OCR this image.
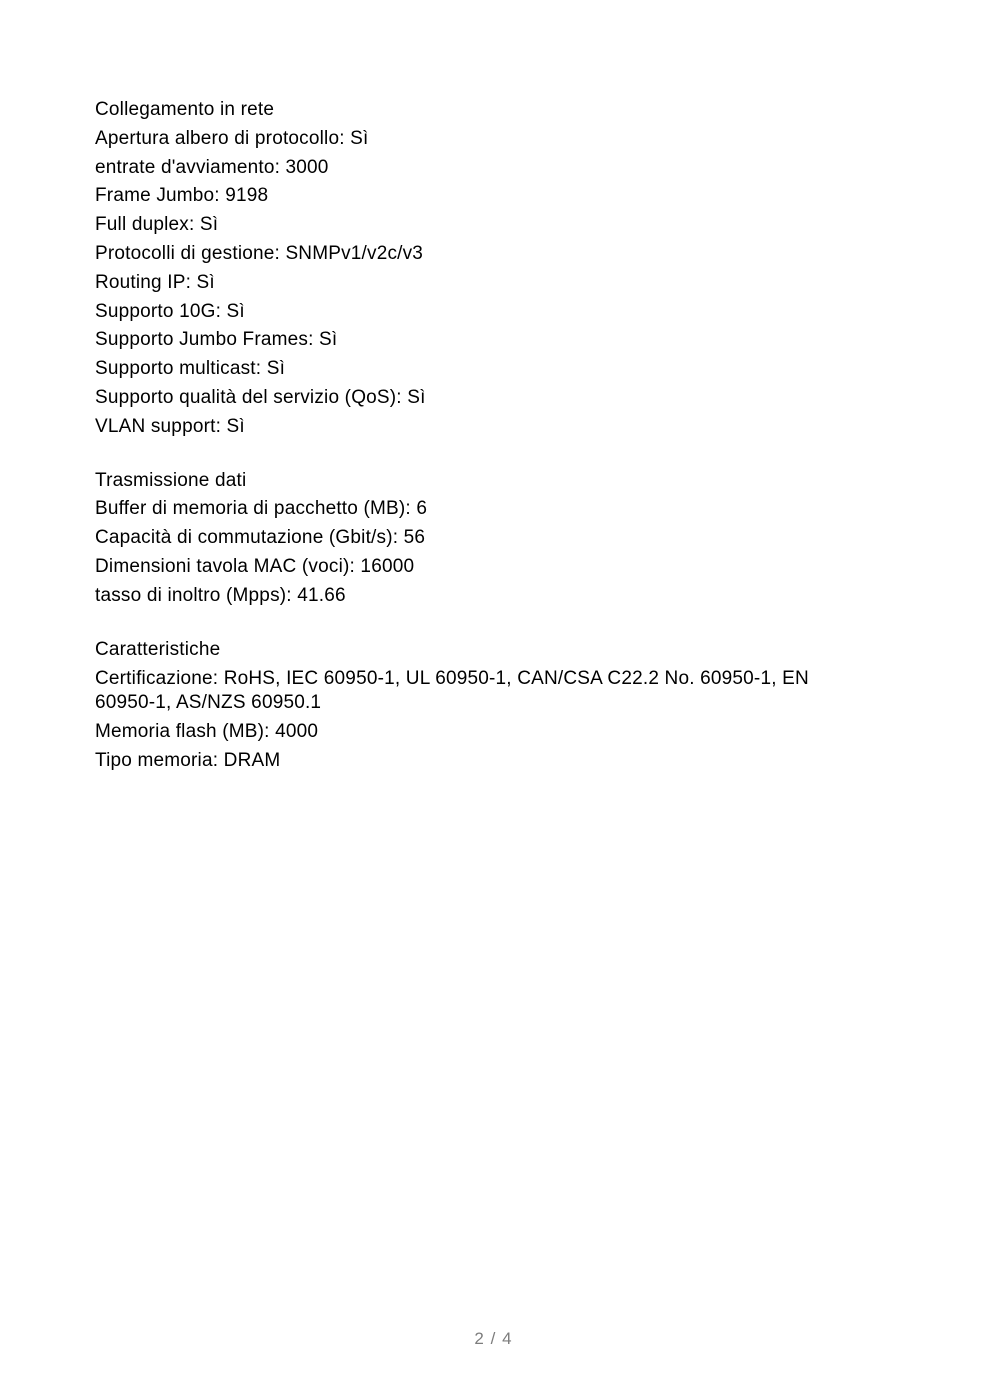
Collegamento in rete
Apertura albero di protocollo: Sì
entrate d'avviamento: 3000
Frame Jumbo: 9198
Full duplex: Sì
Protocolli di gestione: SNMPv1/v2c/v3
Routing IP: Sì
Supporto 10G: Sì
Supporto Jumbo Frames: Sì
Supporto multicast: Sì
Supporto qualità del servizio (QoS): Sì
VLAN support: Sì
Trasmissione dati
Buffer di memoria di pacchetto (MB): 6
Capacità di commutazione (Gbit/s): 56
Dimensioni tavola MAC (voci): 16000
tasso di inoltro (Mpps): 41.66
Caratteristiche
Certificazione: RoHS, IEC 60950-1, UL 60950-1, CAN/CSA C22.2 No. 60950-1, EN 60950-1, AS/NZS 60950.1
Memoria flash (MB): 4000
Tipo memoria: DRAM
2 / 4
